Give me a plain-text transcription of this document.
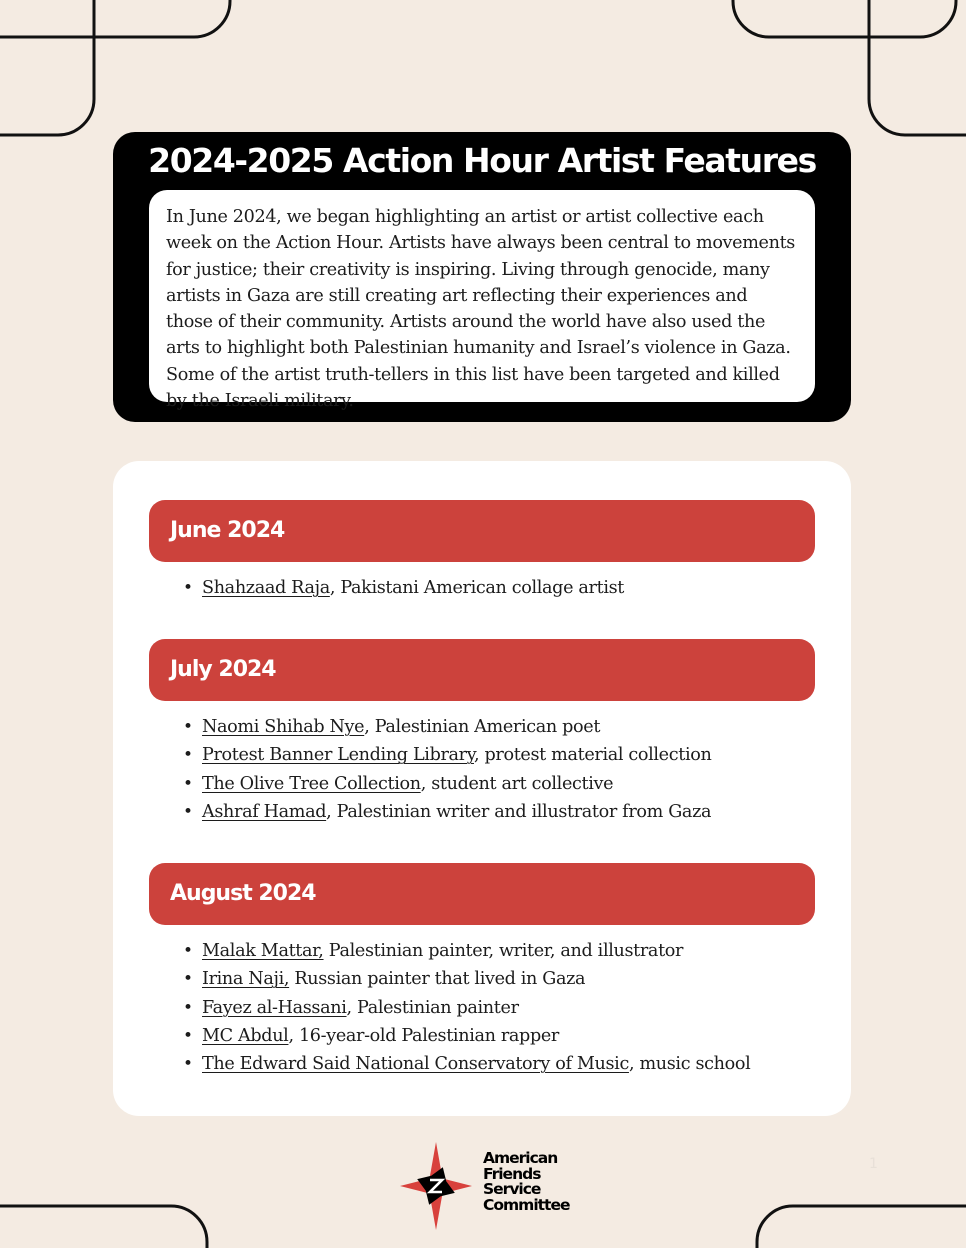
2024-2025 Action Hour Artist Features

In June 2024, we began highlighting an artist or artist collective each week on the Action Hour. Artists have always been central to movements for justice; their creativity is inspiring. Living through genocide, many artists in Gaza are still creating art reflecting their experiences and those of their community. Artists around the world have also used the arts to highlight both Palestinian humanity and Israel’s violence in Gaza. Some of the artist truth-tellers in this list have been targeted and killed by the Israeli military.

June 2024
• Shahzaad Raja, Pakistani American collage artist
July 2024
• Naomi Shihab Nye, Palestinian American poet
• Protest Banner Lending Library, protest material collection
• The Olive Tree Collection, student art collective
• Ashraf Hamad, Palestinian writer and illustrator from Gaza
August 2024
• Malak Mattar, Palestinian painter, writer, and illustrator
• Irina Naji, Russian painter that lived in Gaza
• Fayez al-Hassani, Palestinian painter
• MC Abdul, 16-year-old Palestinian rapper
• The Edward Said National Conservatory of Music, music school
American
Friends
Service
Committee
1
